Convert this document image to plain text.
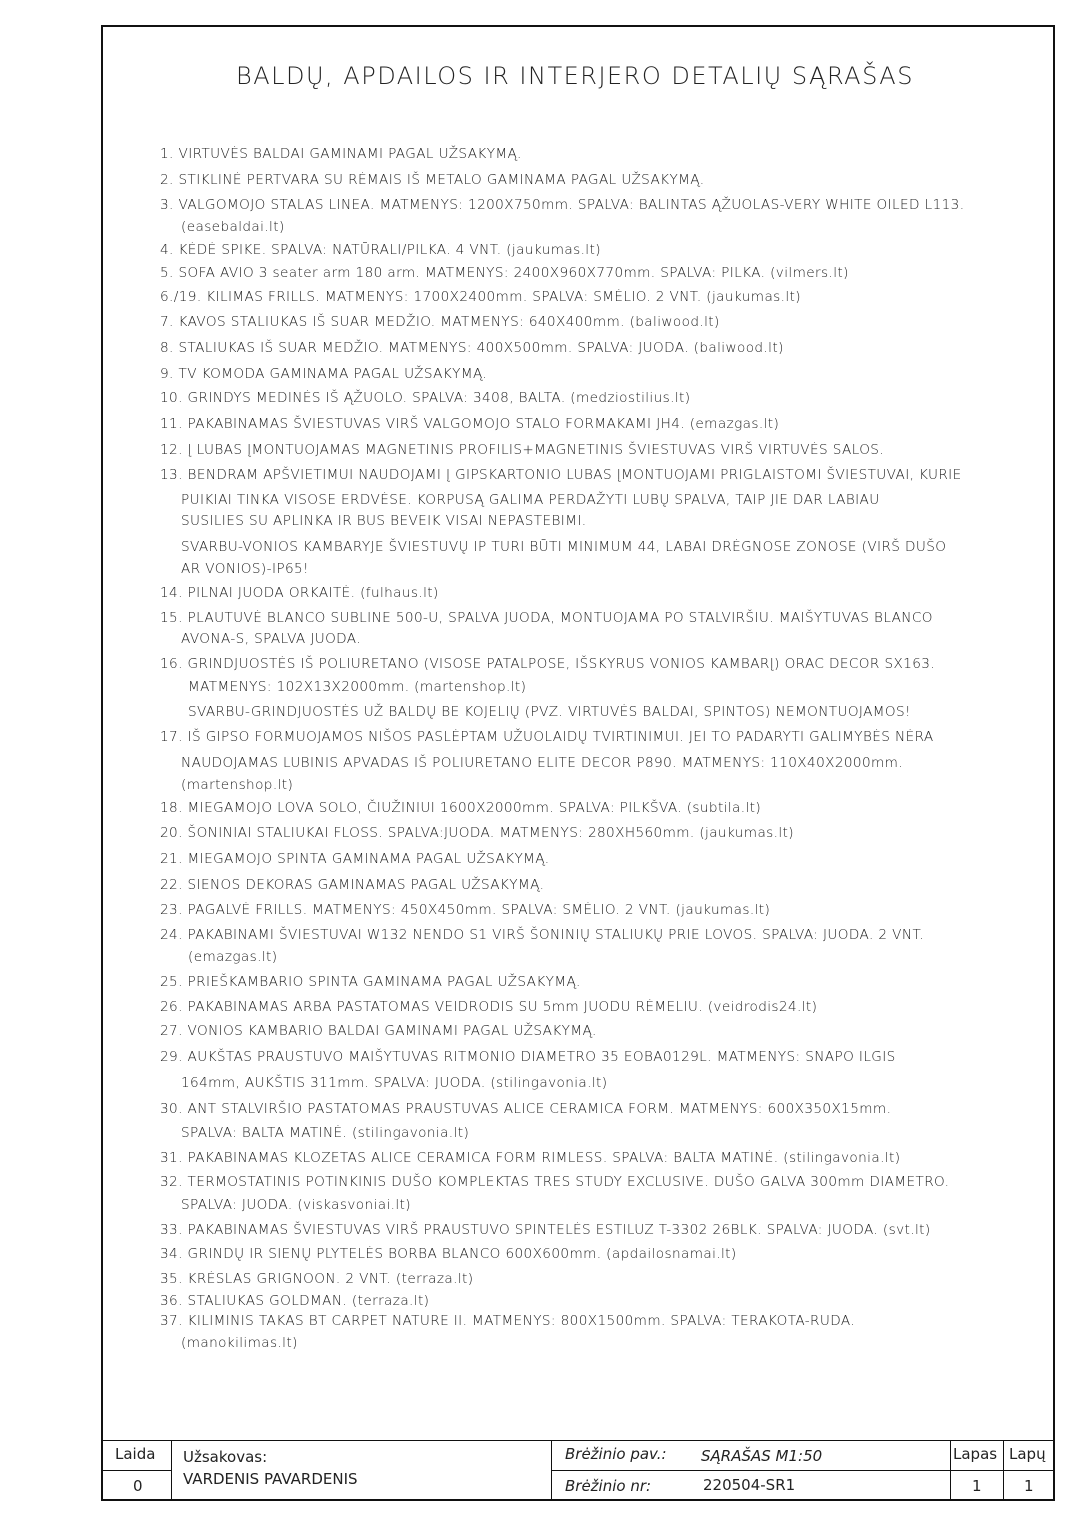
BALDŲ, APDAILOS IR INTERJERO DETALIŲ SĄRAŠAS
1. VIRTUVĖS BALDAI GAMINAMI PAGAL UŽSAKYMĄ.
2. STIKLINĖ PERTVARA SU RĖMAIS IŠ METALO GAMINAMA PAGAL UŽSAKYMĄ.
3. VALGOMOJO STALAS LINEA. MATMENYS: 1200X750mm. SPALVA: BALINTAS ĄŽUOLAS-VERY WHITE OILED L113.
(easebaldai.lt)
4. KĖDĖ SPIKE. SPALVA: NATŪRALI/PILKA. 4 VNT. (jaukumas.lt)
5. SOFA AVIO 3 seater arm 180 arm. MATMENYS: 2400X960X770mm. SPALVA: PILKA. (vilmers.lt)
6./19. KILIMAS FRILLS. MATMENYS: 1700X2400mm. SPALVA: SMĖLIO. 2 VNT. (jaukumas.lt)
7. KAVOS STALIUKAS IŠ SUAR MEDŽIO. MATMENYS: 640X400mm. (baliwood.lt)
8. STALIUKAS IŠ SUAR MEDŽIO. MATMENYS: 400X500mm. SPALVA: JUODA. (baliwood.lt)
9. TV KOMODA GAMINAMA PAGAL UŽSAKYMĄ.
10. GRINDYS MEDINĖS IŠ ĄŽUOLO. SPALVA: 3408, BALTA. (medziostilius.lt)
11. PAKABINAMAS ŠVIESTUVAS VIRŠ VALGOMOJO STALO FORMAKAMI JH4. (emazgas.lt)
12. Į LUBAS ĮMONTUOJAMAS MAGNETINIS PROFILIS+MAGNETINIS ŠVIESTUVAS VIRŠ VIRTUVĖS SALOS.
13. BENDRAM APŠVIETIMUI NAUDOJAMI Į GIPSKARTONIO LUBAS ĮMONTUOJAMI PRIGLAISTOMI ŠVIESTUVAI, KURIE
PUIKIAI TINKA VISOSE ERDVĖSE. KORPUSĄ GALIMA PERDAŽYTI LUBŲ SPALVA, TAIP JIE DAR LABIAU
SUSILIES SU APLINKA IR BUS BEVEIK VISAI NEPASTEBIMI.
SVARBU-VONIOS KAMBARYJE ŠVIESTUVŲ IP TURI BŪTI MINIMUM 44, LABAI DRĖGNOSE ZONOSE (VIRŠ DUŠO
AR VONIOS)-IP65!
14. PILNAI JUODA ORKAITĖ. (fulhaus.lt)
15. PLAUTUVĖ BLANCO SUBLINE 500-U, SPALVA JUODA, MONTUOJAMA PO STALVIRŠIU. MAIŠYTUVAS BLANCO
AVONA-S, SPALVA JUODA.
16. GRINDJUOSTĖS IŠ POLIURETANO (VISOSE PATALPOSE, IŠSKYRUS VONIOS KAMBARĮ) ORAC DECOR SX163.
MATMENYS: 102X13X2000mm. (martenshop.lt)
SVARBU-GRINDJUOSTĖS UŽ BALDŲ BE KOJELIŲ (PVZ. VIRTUVĖS BALDAI, SPINTOS) NEMONTUOJAMOS!
17. IŠ GIPSO FORMUOJAMOS NIŠOS PASLĖPTAM UŽUOLAIDŲ TVIRTINIMUI. JEI TO PADARYTI GALIMYBĖS NĖRA
NAUDOJAMAS LUBINIS APVADAS IŠ POLIURETANO ELITE DECOR P890. MATMENYS: 110X40X2000mm.
(martenshop.lt)
18. MIEGAMOJO LOVA SOLO, ČIUŽINIUI 1600X2000mm. SPALVA: PILKŠVA. (subtila.lt)
20. ŠONINIAI STALIUKAI FLOSS. SPALVA:JUODA. MATMENYS: 280XH560mm. (jaukumas.lt)
21. MIEGAMOJO SPINTA GAMINAMA PAGAL UŽSAKYMĄ.
22. SIENOS DEKORAS GAMINAMAS PAGAL UŽSAKYMĄ.
23. PAGALVĖ FRILLS. MATMENYS: 450X450mm. SPALVA: SMĖLIO. 2 VNT. (jaukumas.lt)
24. PAKABINAMI ŠVIESTUVAI W132 NENDO S1 VIRŠ ŠONINIŲ STALIUKŲ PRIE LOVOS. SPALVA: JUODA. 2 VNT.
(emazgas.lt)
25. PRIEŠKAMBARIO SPINTA GAMINAMA PAGAL UŽSAKYMĄ.
26. PAKABINAMAS ARBA PASTATOMAS VEIDRODIS SU 5mm JUODU RĖMELIU. (veidrodis24.lt)
27. VONIOS KAMBARIO BALDAI GAMINAMI PAGAL UŽSAKYMĄ.
29. AUKŠTAS PRAUSTUVO MAIŠYTUVAS RITMONIO DIAMETRO 35 EOBA0129L. MATMENYS: SNAPO ILGIS
164mm, AUKŠTIS 311mm. SPALVA: JUODA. (stilingavonia.lt)
30. ANT STALVIRŠIO PASTATOMAS PRAUSTUVAS ALICE CERAMICA FORM. MATMENYS: 600X350X15mm.
SPALVA: BALTA MATINĖ. (stilingavonia.lt)
31. PAKABINAMAS KLOZETAS ALICE CERAMICA FORM RIMLESS. SPALVA: BALTA MATINĖ. (stilingavonia.lt)
32. TERMOSTATINIS POTINKINIS DUŠO KOMPLEKTAS TRES STUDY EXCLUSIVE. DUŠO GALVA 300mm DIAMETRO.
SPALVA: JUODA. (viskasvoniai.lt)
33. PAKABINAMAS ŠVIESTUVAS VIRŠ PRAUSTUVO SPINTELĖS ESTILUZ T-3302 26BLK. SPALVA: JUODA. (svt.lt)
34. GRINDŲ IR SIENŲ PLYTELĖS BORBA BLANCO 600X600mm. (apdailosnamai.lt)
35. KRĖSLAS GRIGNOON. 2 VNT. (terraza.lt)
36. STALIUKAS GOLDMAN. (terraza.lt)
37. KILIMINIS TAKAS BT CARPET NATURE II. MATMENYS: 800X1500mm. SPALVA: TERAKOTA-RUDA.
(manokilimas.lt)
Laida
0
Užsakovas:
VARDENIS PAVARDENIS
Brėžinio pav.: SĄRAŠAS M1:50
Brėžinio nr:	220504-SR1
Lapas
1
Lapų
1
